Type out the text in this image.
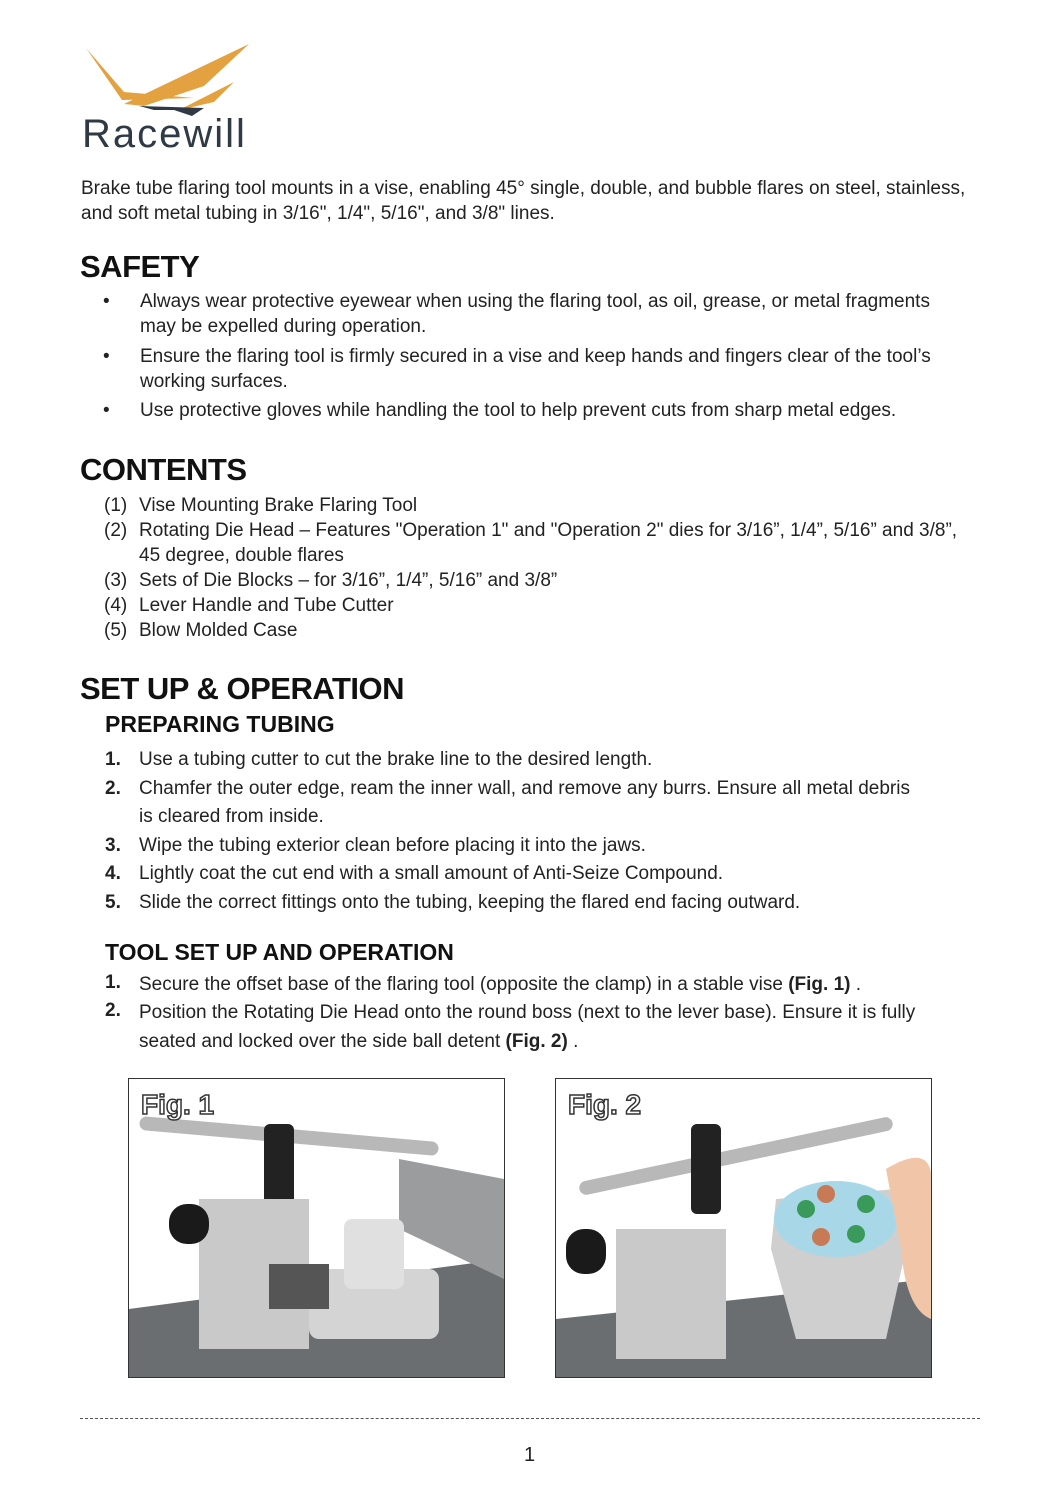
Racewill
Brake tube flaring tool mounts in a vise, enabling 45° single, double, and bubble flares on steel, stainless,
and soft metal tubing in 3/16", 1/4", 5/16", and 3/8" lines.
SAFETY
• Always wear protective eyewear when using the flaring tool, as oil, grease, or metal fragments
may be expelled during operation.
• Ensure the flaring tool is firmly secured in a vise and keep hands and fingers clear of the tool’s
working surfaces.
• Use protective gloves while handling the tool to help prevent cuts from sharp metal edges.
CONTENTS
(1) Vise Mounting Brake Flaring Tool
(2) Rotating Die Head – Features "Operation 1" and "Operation 2" dies for 3/16”, 1/4”, 5/16” and 3/8”,
45 degree, double flares
(3) Sets of Die Blocks – for 3/16”, 1/4”, 5/16” and 3/8”
(4) Lever Handle and Tube Cutter
(5) Blow Molded Case
SET UP & OPERATION
PREPARING TUBING
1. Use a tubing cutter to cut the brake line to the desired length.
2. Chamfer the outer edge, ream the inner wall, and remove any burrs. Ensure all metal debris
is cleared from inside.
3. Wipe the tubing exterior clean before placing it into the jaws.
4. Lightly coat the cut end with a small amount of Anti-Seize Compound.
5. Slide the correct fittings onto the tubing, keeping the flared end facing outward.
TOOL SET UP AND OPERATION
1. Secure the offset base of the flaring tool (opposite the clamp) in a stable vise (Fig. 1) .
2. Position the Rotating Die Head onto the round boss (next to the lever base). Ensure it is fully
seated and locked over the side ball detent (Fig. 2) .
Fig. 1	Fig. 2
1
